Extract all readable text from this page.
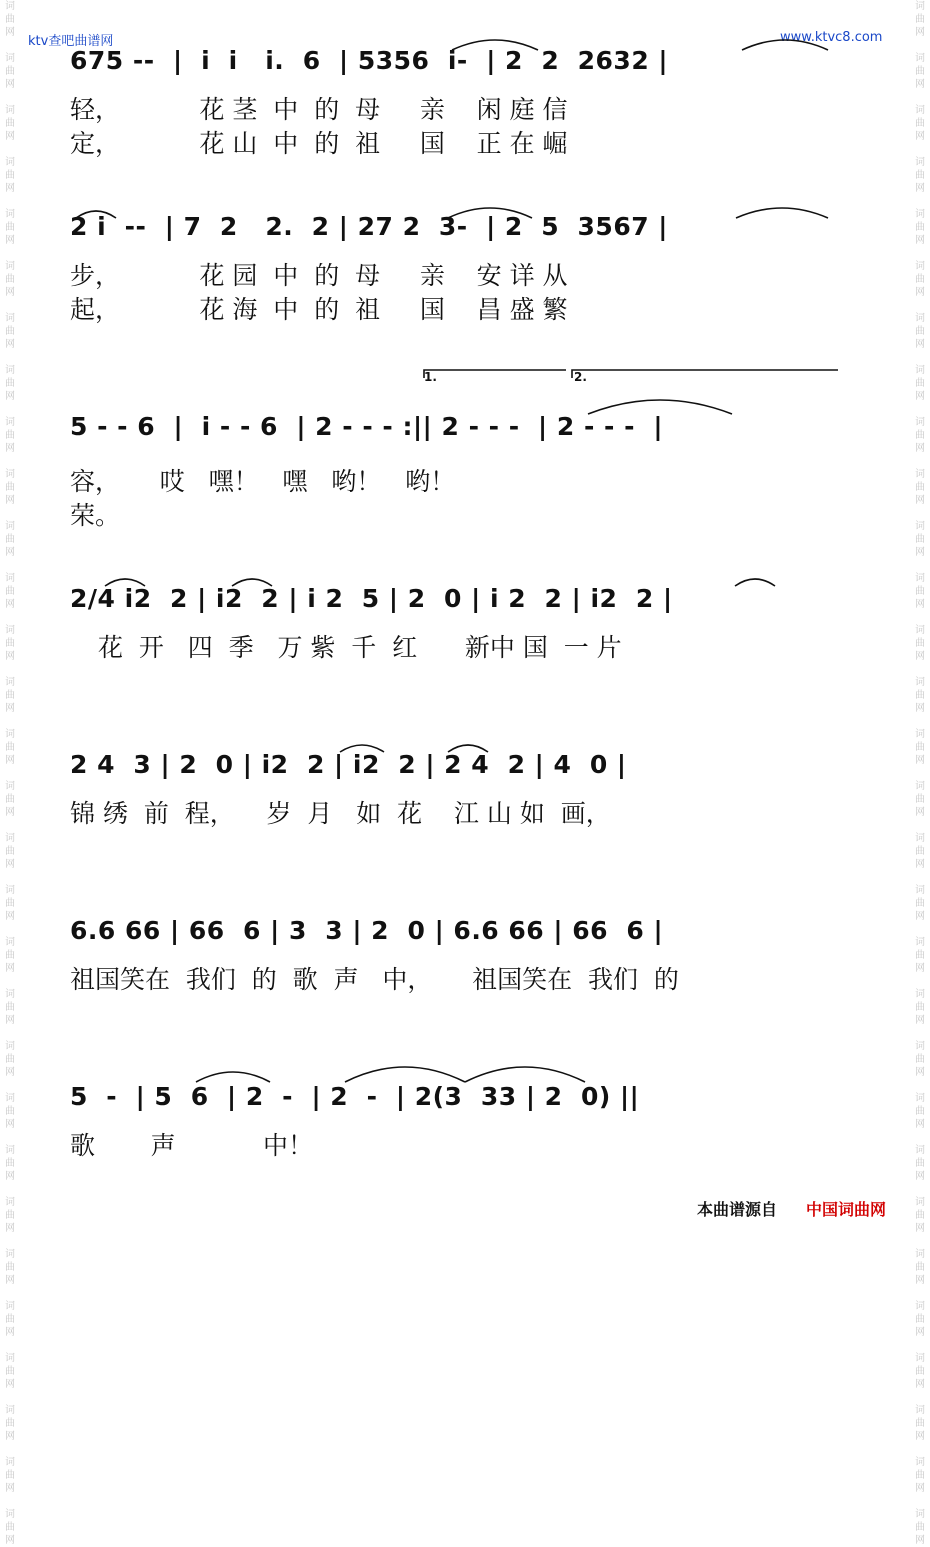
词
曲
网

词
曲
网

词
曲
网

词
曲
网

词
曲
网

词
曲
网

词
曲
网

词
曲
网

词
曲
网

词
曲
网

词
曲
网

词
曲
网

词
曲
网

词
曲
网

词
曲
网

词
曲
网

词
曲
网

词
曲
网

词
曲
网

词
曲
网

词
曲
网

词
曲
网

词
曲
网

词
曲
网

词
曲
网

词
曲
网

词
曲
网

词
曲
网

词
曲
网

词
曲
网

词
曲
网

词
曲
网

词
曲
网

词
曲
网

词
曲
网

词
曲
网

词
曲
网

词
曲
网

词
曲
网

词
曲
网

词
曲
网

词
曲
网

词
曲
网

词
曲
网

词
曲
网

词
曲
网

词
曲
网

词
曲
网

词
曲
网

词
曲
网

词
曲
网

词
曲
网

词
曲
网

词
曲
网

词
曲
网

词
曲
网

词
曲
网

词
曲
网

词
曲
网

词
曲
网

ktv查吧曲谱网	www.ktvc8.com
675 --  |  i  i   i.  6  | 5356  i-  | 2  2  2632 |
轻，          花 茎  中  的  母     亲    闲 庭 信
定，          花 山  中  的  祖     国    正 在 崛
2 i  --  | 7  2   2.  2 | 27 2  3-  | 2  5  3567 |
步，          花 园  中  的  母     亲    安 详 从
起，          花 海  中  的  祖     国    昌 盛 繁
1.	2.
5 - - 6  |  i - - 6  | 2 - - - :|| 2 - - -  | 2 - - -  |
容，     哎   嘿！   嘿   哟！   哟！
荣。
2/4 i2  2 | i2  2 | i 2  5 | 2  0 | i 2  2 | i2  2 |
花  开   四  季   万 紫  千  红      新中 国  一 片
2 4  3 | 2  0 | i2  2 | i2  2 | 2 4  2 | 4  0 |
锦 绣  前  程，    岁  月   如  花    江 山 如  画，
6.6 66 | 66  6 | 3  3 | 2  0 | 6.6 66 | 66  6 |
祖国笑在  我们  的  歌  声   中，     祖国笑在  我们  的
5  -  | 5  6  | 2  -  | 2  -  | 2(3  33 | 2  0) ||
歌       声           中！
本曲谱源自 中国词曲网
